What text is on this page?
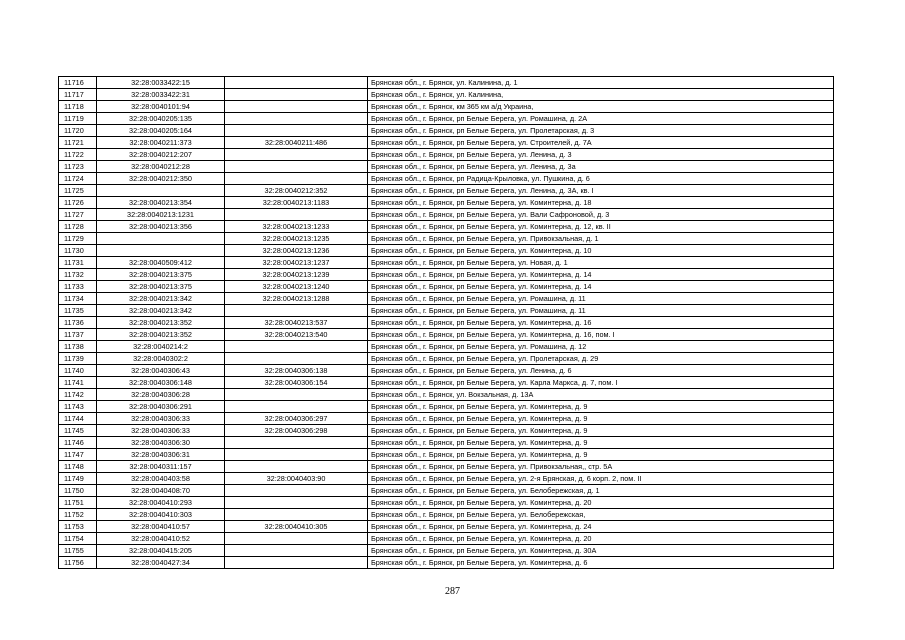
11716	32:28:0033422:15		Брянская обл., г. Брянск, ул. Калинина, д. 1
11717	32:28:0033422:31		Брянская обл., г. Брянск, ул. Калинина,
11718	32:28:0040101:94		Брянская обл., г. Брянск, км 365 км а/д Украина,
11719	32:28:0040205:135		Брянская обл., г. Брянск, рп Белые Берега, ул. Ромашина, д. 2А
11720	32:28:0040205:164		Брянская обл., г. Брянск, рп Белые Берега, ул. Пролетарская, д. 3
11721	32:28:0040211:373	32:28:0040211:486	Брянская обл., г. Брянск, рп Белые Берега, ул. Строителей, д. 7А
11722	32:28:0040212:207		Брянская обл., г. Брянск, рп Белые Берега, ул. Ленина, д. 3
11723	32:28:0040212:28		Брянская обл., г. Брянск, рп Белые Берега, ул. Ленина, д. 3а
11724	32:28:0040212:350		Брянская обл., г. Брянск, рп Радица-Крыловка, ул. Пушкина, д. 6
11725		32:28:0040212:352	Брянская обл., г. Брянск, рп Белые Берега, ул. Ленина, д. 3А, кв. I
11726	32:28:0040213:354	32:28:0040213:1183	Брянская обл., г. Брянск, рп Белые Берега, ул. Коминтерна, д. 18
11727	32:28:0040213:1231		Брянская обл., г. Брянск, рп Белые Берега, ул. Вали Сафроновой, д. 3
11728	32:28:0040213:356	32:28:0040213:1233	Брянская обл., г. Брянск, рп Белые Берега, ул. Коминтерна, д. 12, кв. II
11729		32:28:0040213:1235	Брянская обл., г. Брянск, рп Белые Берега, ул. Привокзальная, д. 1
11730		32:28:0040213:1236	Брянская обл., г. Брянск, рп Белые Берега, ул. Коминтерна, д. 10
11731	32:28:0040509:412	32:28:0040213:1237	Брянская обл., г. Брянск, рп Белые Берега, ул. Новая, д. 1
11732	32:28:0040213:375	32:28:0040213:1239	Брянская обл., г. Брянск, рп Белые Берега, ул. Коминтерна, д. 14
11733	32:28:0040213:375	32:28:0040213:1240	Брянская обл., г. Брянск, рп Белые Берега, ул. Коминтерна, д. 14
11734	32:28:0040213:342	32:28:0040213:1288	Брянская обл., г. Брянск, рп Белые Берега, ул. Ромашина, д. 11
11735	32:28:0040213:342		Брянская обл., г. Брянск, рп Белые Берега, ул. Ромашина, д. 11
11736	32:28:0040213:352	32:28:0040213:537	Брянская обл., г. Брянск, рп Белые Берега, ул. Коминтерна, д. 16
11737	32:28:0040213:352	32:28:0040213:540	Брянская обл., г. Брянск, рп Белые Берега, ул. Коминтерна, д. 16, пом. I
11738	32:28:0040214:2		Брянская обл., г. Брянск, рп Белые Берега, ул. Ромашина, д. 12
11739	32:28:0040302:2		Брянская обл., г. Брянск, рп Белые Берега, ул. Пролетарская, д. 29
11740	32:28:0040306:43	32:28:0040306:138	Брянская обл., г. Брянск, рп Белые Берега, ул. Ленина, д. 6
11741	32:28:0040306:148	32:28:0040306:154	Брянская обл., г. Брянск, рп Белые Берега, ул. Карла Маркса, д. 7, пом. I
11742	32:28:0040306:28		Брянская обл., г. Брянск, ул. Вокзальная, д. 13А
11743	32:28:0040306:291		Брянская обл., г. Брянск, рп Белые Берега, ул. Коминтерна, д. 9
11744	32:28:0040306:33	32:28:0040306:297	Брянская обл., г. Брянск, рп Белые Берега, ул. Коминтерна, д. 9
11745	32:28:0040306:33	32:28:0040306:298	Брянская обл., г. Брянск, рп Белые Берега, ул. Коминтерна, д. 9
11746	32:28:0040306:30		Брянская обл., г. Брянск, рп Белые Берега, ул. Коминтерна, д. 9
11747	32:28:0040306:31		Брянская обл., г. Брянск, рп Белые Берега, ул. Коминтерна, д. 9
11748	32:28:0040311:157		Брянская обл., г. Брянск, рп Белые Берега, ул. Привокзальная,, стр. 5А
11749	32:28:0040403:58	32:28:0040403:90	Брянская обл., г. Брянск, рп Белые Берега, ул. 2-я Брянская, д. 6 корп. 2, пом. II
11750	32:28:0040408:70		Брянская обл., г. Брянск, рп Белые Берега, ул. Белобережская, д. 1
11751	32:28:0040410:293		Брянская обл., г. Брянск, рп Белые Берега, ул. Коминтерна, д. 20
11752	32:28:0040410:303		Брянская обл., г. Брянск, рп Белые Берега, ул. Белобережская,
11753	32:28:0040410:57	32:28:0040410:305	Брянская обл., г. Брянск, рп Белые Берега, ул. Коминтерна, д. 24
11754	32:28:0040410:52		Брянская обл., г. Брянск, рп Белые Берега, ул. Коминтерна, д. 20
11755	32:28:0040415:205		Брянская обл., г. Брянск, рп Белые Берега, ул. Коминтерна, д. 30А
11756	32:28:0040427:34		Брянская обл., г. Брянск, рп Белые Берега, ул. Коминтерна, д. 6
287
